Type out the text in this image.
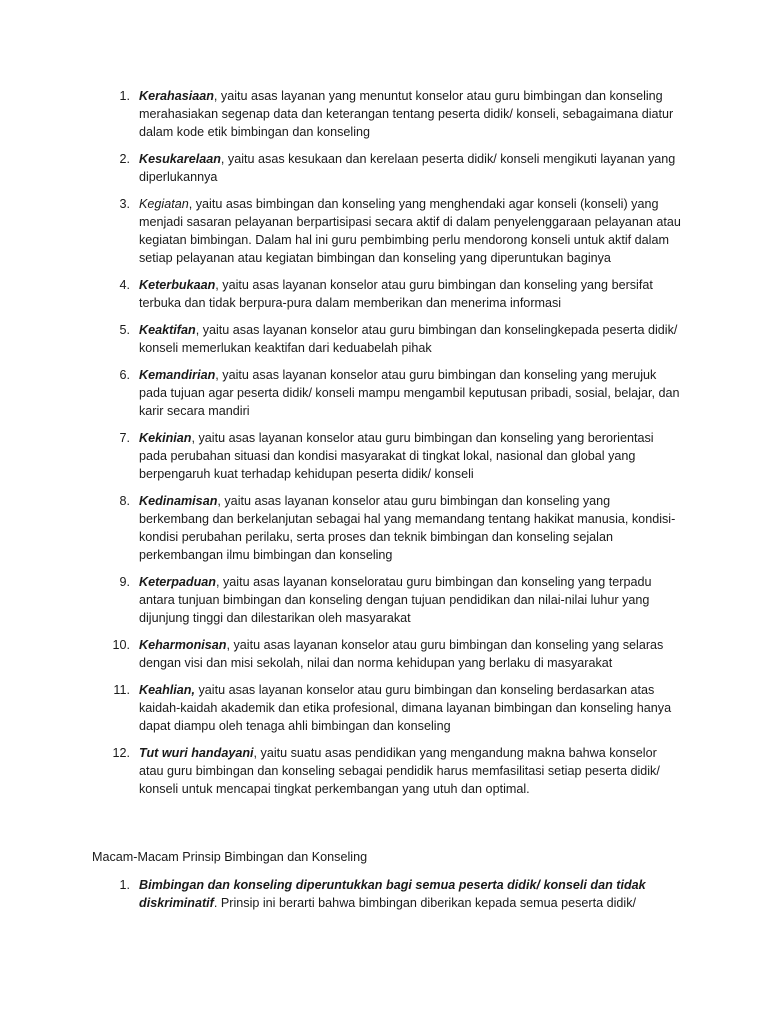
1. Kerahasiaan, yaitu asas layanan yang menuntut konselor atau guru bimbingan dan konseling merahasiakan segenap data dan keterangan tentang peserta didik/ konseli, sebagaimana diatur dalam kode etik bimbingan dan konseling
2. Kesukarelaan, yaitu asas kesukaan dan kerelaan peserta didik/ konseli mengikuti layanan yang diperlukannya
3. Kegiatan, yaitu asas bimbingan dan konseling yang menghendaki agar konseli (konseli) yang menjadi sasaran pelayanan berpartisipasi secara aktif di dalam penyelenggaraan pelayanan atau kegiatan bimbingan. Dalam hal ini guru pembimbing perlu mendorong konseli untuk aktif dalam setiap pelayanan atau kegiatan bimbingan dan konseling yang diperuntukan baginya
4. Keterbukaan, yaitu asas layanan konselor atau guru bimbingan dan konseling yang bersifat terbuka dan tidak berpura-pura dalam memberikan dan menerima informasi
5. Keaktifan, yaitu asas layanan konselor atau guru bimbingan dan konselingkepada peserta didik/ konseli memerlukan keaktifan dari keduabelah pihak
6. Kemandirian, yaitu asas layanan konselor atau guru bimbingan dan konseling yang merujuk pada tujuan agar peserta didik/ konseli mampu mengambil keputusan pribadi, sosial, belajar, dan karir secara mandiri
7. Kekinian, yaitu asas layanan konselor atau guru bimbingan dan konseling yang berorientasi pada perubahan situasi dan kondisi masyarakat di tingkat lokal, nasional dan global yang berpengaruh kuat terhadap kehidupan peserta didik/ konseli
8. Kedinamisan, yaitu asas layanan konselor atau guru bimbingan dan konseling yang berkembang dan berkelanjutan sebagai hal yang memandang tentang hakikat manusia, kondisi- kondisi perubahan perilaku, serta proses dan teknik bimbingan dan konseling sejalan perkembangan ilmu bimbingan dan konseling
9. Keterpaduan, yaitu asas layanan konseloratau guru bimbingan dan konseling yang terpadu antara tunjuan bimbingan dan konseling dengan tujuan pendidikan dan nilai-nilai luhur yang dijunjung tinggi dan dilestarikan oleh masyarakat
10. Keharmonisan, yaitu asas layanan konselor atau guru bimbingan dan konseling yang selaras dengan visi dan misi sekolah, nilai dan norma kehidupan yang berlaku di masyarakat
11. Keahlian, yaitu asas layanan konselor atau guru bimbingan dan konseling berdasarkan atas kaidah-kaidah akademik dan etika profesional, dimana layanan bimbingan dan konseling hanya dapat diampu oleh tenaga ahli bimbingan dan konseling
12. Tut wuri handayani, yaitu suatu asas pendidikan yang mengandung makna bahwa konselor atau guru bimbingan dan konseling sebagai pendidik harus memfasilitasi setiap peserta didik/ konseli untuk mencapai tingkat perkembangan yang utuh dan optimal.
Macam-Macam Prinsip Bimbingan dan Konseling
1. Bimbingan dan konseling diperuntukkan bagi semua peserta didik/ konseli dan tidak diskriminatif. Prinsip ini berarti bahwa bimbingan diberikan kepada semua peserta didik/
